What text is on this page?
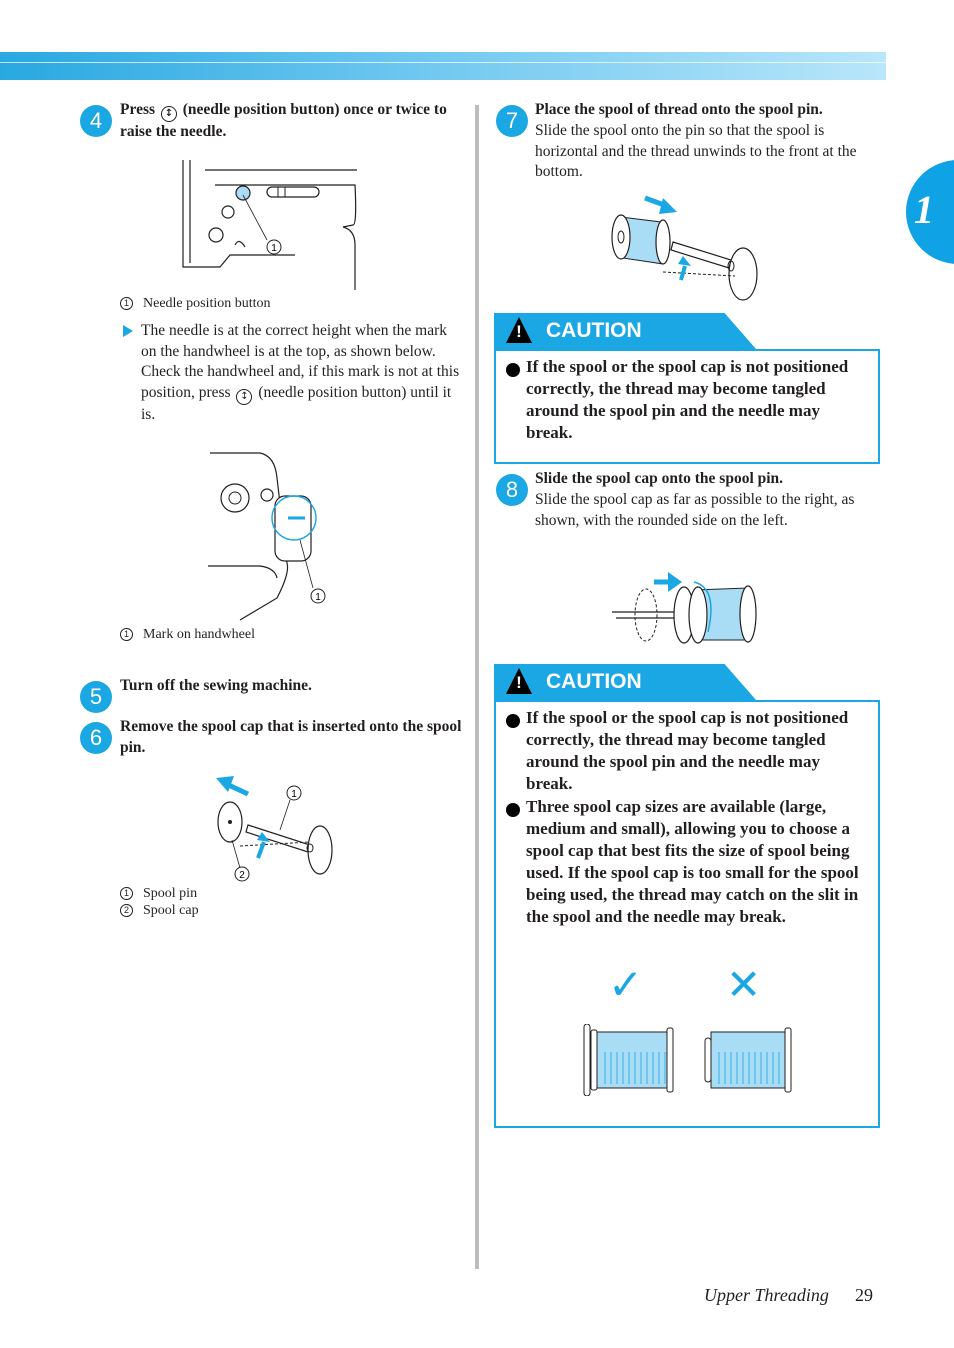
1
4	Press ↕ (needle position button) once or twice to raise the needle.
1
1 Needle position button
The needle is at the correct height when the mark on the handwheel is at the top, as shown below. Check the handwheel and, if this mark is not at this position, press ↕ (needle position button) until it is.
1
1 Mark on handwheel
5	Turn off the sewing machine.
6	Remove the spool cap that is inserted onto the spool pin.
1
2
1 Spool pin
2 Spool cap
7	Place the spool of thread onto the spool pin.
Slide the spool onto the pin so that the spool is horizontal and the thread unwinds to the front at the bottom.
! CAUTION
If the spool or the spool cap is not positioned correctly, the thread may become tangled around the spool pin and the needle may break.
8	Slide the spool cap onto the spool pin.
Slide the spool cap as far as possible to the right, as shown, with the rounded side on the left.
! CAUTION
If the spool or the spool cap is not positioned correctly, the thread may become tangled around the spool pin and the needle may break.
Three spool cap sizes are available (large, medium and small), allowing you to choose a spool cap that best fits the size of spool being used. If the spool cap is too small for the spool being used, the thread may catch on the slit in the spool and the needle may break.
✓ ✕
Upper Threading 29
